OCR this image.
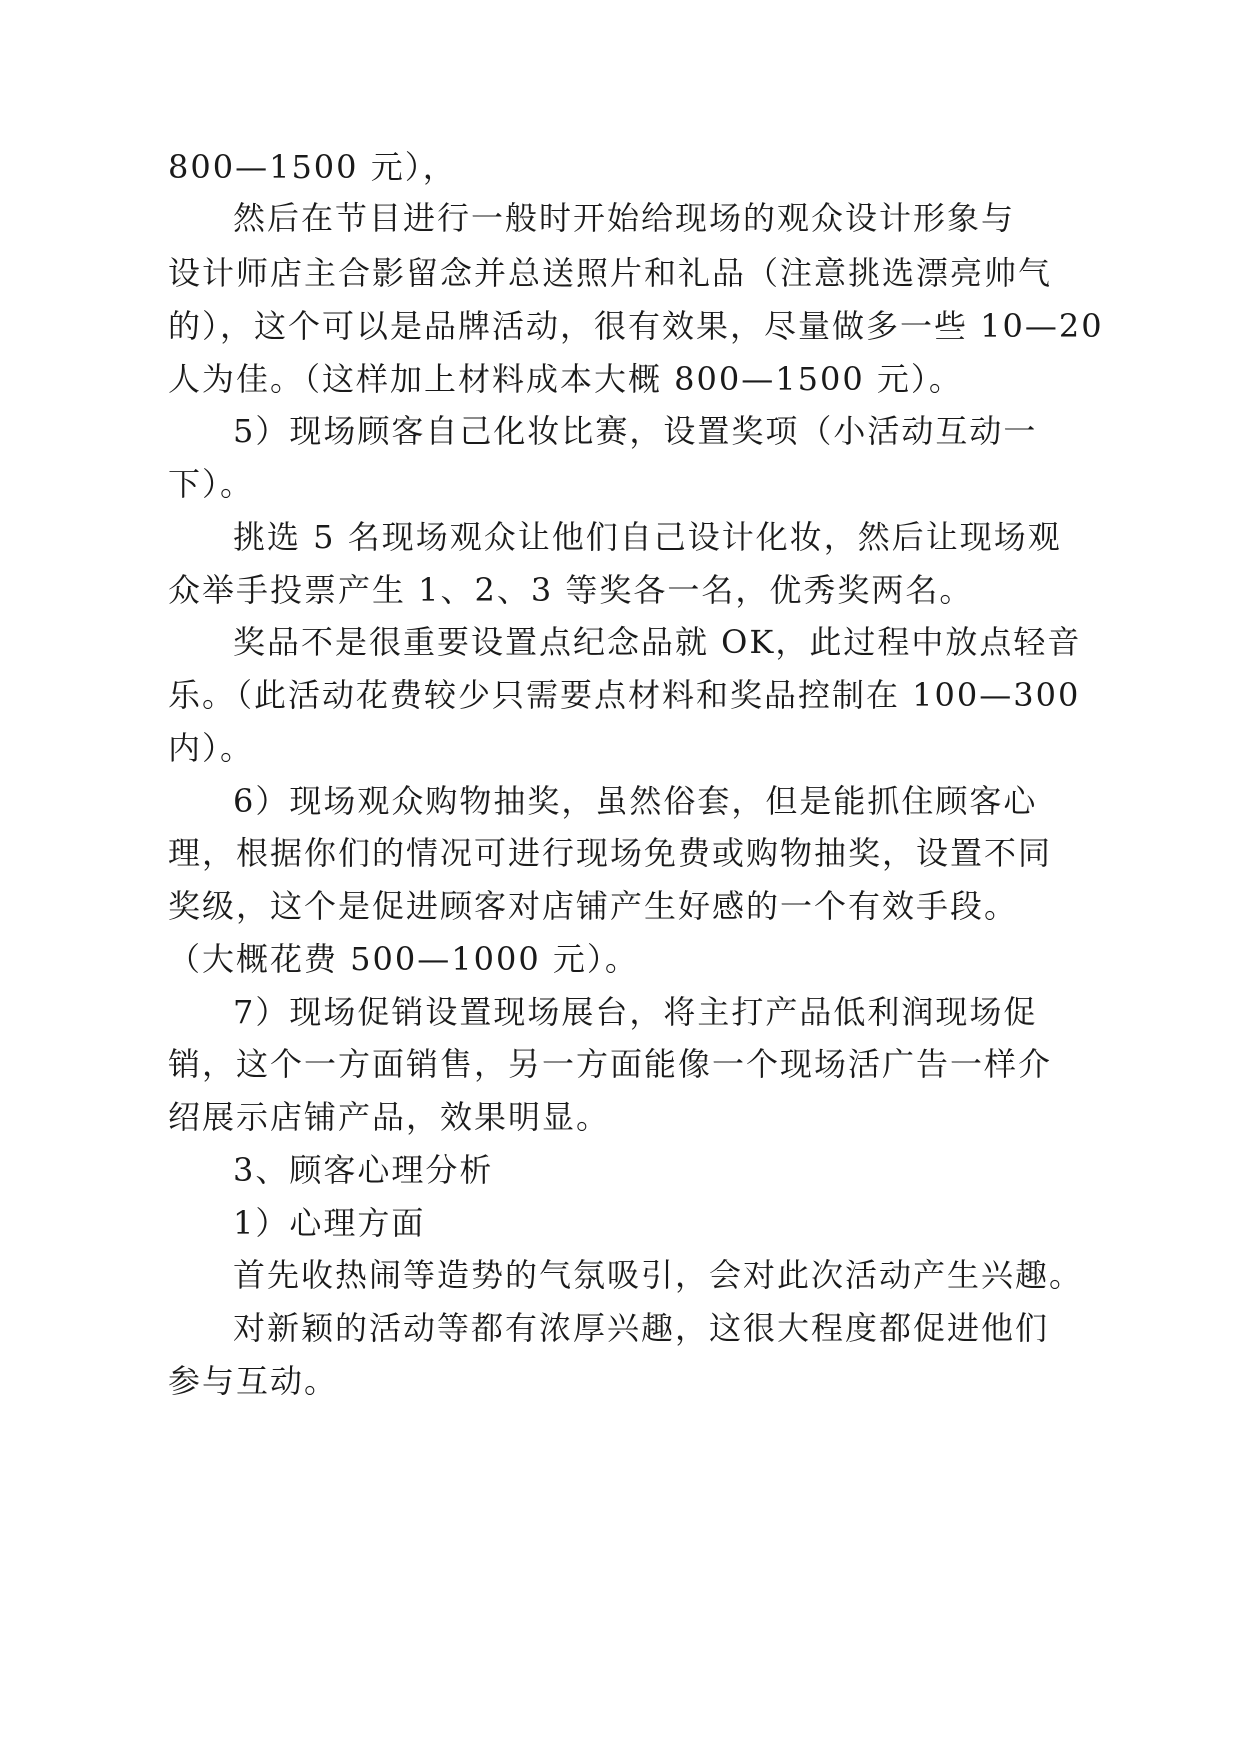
800—1500 元），
然后在节目进行一般时开始给现场的观众设计形象与
设计师店主合影留念并总送照片和礼品（注意挑选漂亮帅气
的），这个可以是品牌活动，很有效果，尽量做多一些 10—20
人为佳。（这样加上材料成本大概 800—1500 元）。
5）现场顾客自己化妆比赛，设置奖项（小活动互动一
下）。
挑选 5 名现场观众让他们自己设计化妆，然后让现场观
众举手投票产生 1、2、3 等奖各一名，优秀奖两名。
奖品不是很重要设置点纪念品就 OK，此过程中放点轻音
乐。（此活动花费较少只需要点材料和奖品控制在 100—300
内）。
6）现场观众购物抽奖，虽然俗套，但是能抓住顾客心
理，根据你们的情况可进行现场免费或购物抽奖，设置不同
奖级，这个是促进顾客对店铺产生好感的一个有效手段。
（大概花费 500—1000 元）。
7）现场促销设置现场展台，将主打产品低利润现场促
销，这个一方面销售，另一方面能像一个现场活广告一样介
绍展示店铺产品，效果明显。
3、顾客心理分析
1）心理方面
首先收热闹等造势的气氛吸引，会对此次活动产生兴趣。
对新颖的活动等都有浓厚兴趣，这很大程度都促进他们
参与互动。
